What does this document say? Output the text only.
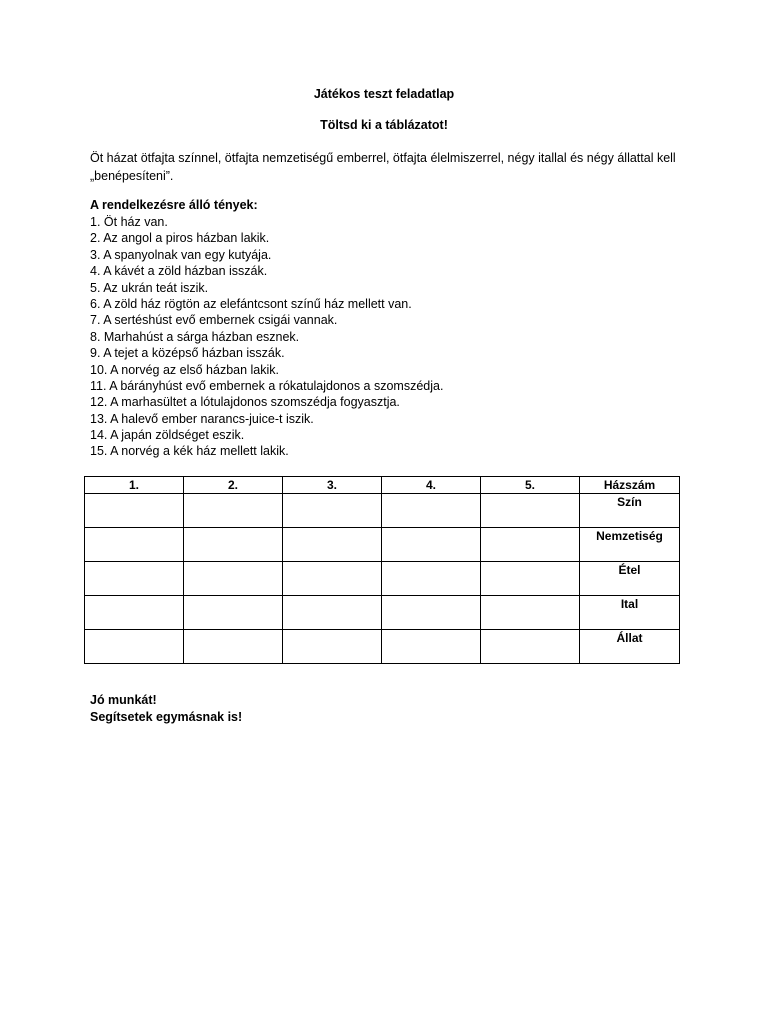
Játékos teszt feladatlap
Töltsd ki a táblázatot!
Öt házat ötfajta színnel, ötfajta nemzetiségű emberrel, ötfajta élelmiszerrel, négy itallal és négy állattal kell „benépesíteni”.
A rendelkezésre álló tények:
1. Öt ház van.
2. Az angol a piros házban lakik.
3. A spanyolnak van egy kutyája.
4. A kávét a zöld házban isszák.
5. Az ukrán teát iszik.
6. A zöld ház rögtön az elefántcsont színű ház mellett van.
7. A sertéshúst evő embernek csigái vannak.
8. Marhahúst a sárga házban esznek.
9. A tejet a középső házban isszák.
10. A norvég az első házban lakik.
11. A bárányhúst evő embernek a rókatulajdonos a szomszédja.
12. A marhasültet a lótulajdonos szomszédja fogyasztja.
13. A halevő ember narancs-juice-t iszik.
14. A japán zöldséget eszik.
15. A norvég a kék ház mellett lakik.
1.	2.	3.	4.	5.	Házszám
					Szín
					Nemzetiség
					Étel
					Ital
					Állat
Jó munkát!
Segítsetek egymásnak is!
